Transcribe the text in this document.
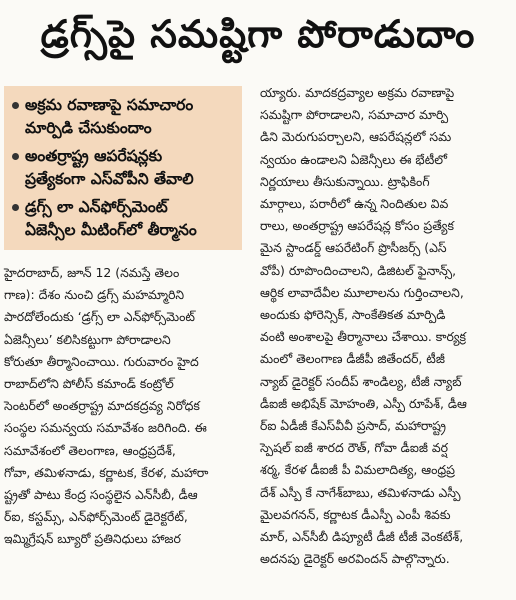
డ్రగ్స్‌పై సమష్టిగా పోరాడుదాం
అక్రమ రవాణాపై సమాచారం
మార్పిడి చేసుకుందాం
అంతర్రాష్ట్ర ఆపరేషన్లకు
ప్రత్యేకంగా ఎస్‌వోపీని తేవాలి
డ్రగ్స్ లా ఎన్‌ఫోర్స్‌మెంట్
ఏజెన్సీల మీటింగ్‌లో తీర్మానం
హైదరాబాద్, జూన్ 12 (నమస్తే తెలం
గాణ): దేశం నుంచి డ్రగ్స్ మహమ్మారిని
పారదోలేందుకు ‘డ్రగ్స్ లా ఎన్‌ఫోర్స్‌మెంట్
ఏజెన్సీలు’ కలిసికట్టుగా పోరాడాలని
కోరుతూ తీర్మానించాయి. గురువారం హైద
రాబాద్‌లోని పోలీస్ కమాండ్ కంట్రోల్
సెంటర్‌లో అంతర్రాష్ట్ర మాదకద్రవ్య నిరోధక
సంస్థల సమన్వయ సమావేశం జరిగింది. ఈ
సమావేశంలో తెలంగాణ, ఆంధ్రప్రదేశ్,
గోవా, తమిళనాడు, కర్ణాటక, కేరళ, మహారా
ష్ట్రతో పాటు కేంద్ర సంస్థలైన ఎన్‌సీబీ, డీఆ
ర్‌ఐ, కస్టమ్స్, ఎన్‌ఫోర్స్‌మెంట్ డైరెక్టరేట్,
ఇమ్మిగ్రేషన్ బ్యూరో ప్రతినిధులు హాజర
య్యారు. మాదకద్రవ్యాల అక్రమ రవాణాపై
సమష్టిగా పోరాడాలని, సమాచార మార్పి
డిని మెరుగుపర్చాలని, ఆపరేషన్లలో సమ
న్వయం ఉండాలని ఏజెన్సీలు ఈ భేటీలో
నిర్ణయాలు తీసుకున్నాయి. ట్రాఫికింగ్
మార్గాలు, పరారీలో ఉన్న నిందితుల వివ
రాలు, అంతర్రాష్ట్ర ఆపరేషన్ల కోసం ప్రత్యేక
మైన స్టాండర్డ్ ఆపరేటింగ్ ప్రొసీజర్స్ (ఎస్
వోపీ) రూపొందించాలని, డిజిటల్ ఫైనాన్స్,
ఆర్థిక లావాదేవీల మూలాలను గుర్తించాలని,
అందుకు ఫోరెన్సిక్, సాంకేతికత మార్పిడి
వంటి అంశాలపై తీర్మానాలు చేశాయి. కార్యక్ర
మంలో తెలంగాణ డీజీపీ జితేందర్, టీజీ
న్యాబ్ డైరెక్టర్ సందీప్ శాండిల్య, టీజీ న్యాబ్
డీఐజీ అభిషేక్ మోహంతి, ఎస్పీ రూపేశ్, డీఆ
ర్‌ఐ ఏడీజీ కేఎస్‌వీవీ ప్రసాద్, మహారాష్ట్ర
స్పెషల్ ఐజీ శారద రౌత్, గోవా డీఐజీ వర్ష
శర్మ, కేరళ డీఐజీ పీ విమలాదిత్య, ఆంధ్రప్ర
దేశ్ ఎస్పీ కే నాగేశ్‌బాబు, తమిళనాడు ఎస్పీ
మైలవగనన్, కర్ణాటక డీఎస్పీ ఎంపీ శివకు
మార్, ఎన్‌సీబీ డిప్యూటీ డీజీ టీజీ వెంకటేశ్,
అదనపు డైరెక్టర్ అరవిందన్ పాల్గొన్నారు.
